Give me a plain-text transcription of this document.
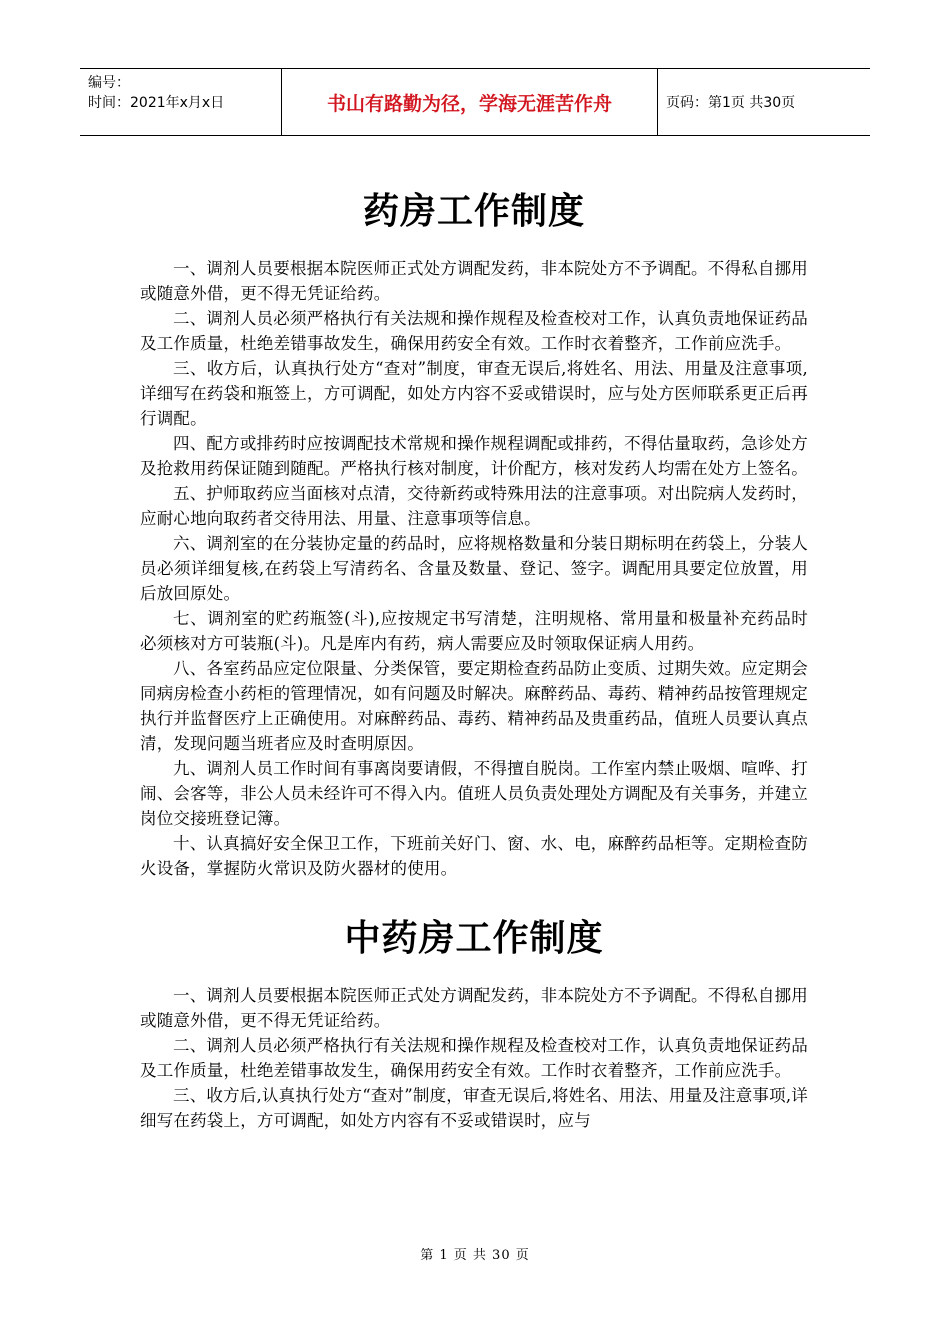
编号：
时间：2021年x月x日	书山有路勤为径，学海无涯苦作舟	页码：第1页 共30页
药房工作制度

一、调剂人员要根据本院医师正式处方调配发药，非本院处方不予调配。不得私自挪用或随意外借，更不得无凭证给药。

二、调剂人员必须严格执行有关法规和操作规程及检查校对工作，认真负责地保证药品及工作质量，杜绝差错事故发生，确保用药安全有效。工作时衣着整齐，工作前应洗手。

三、收方后，认真执行处方“查对”制度，审查无误后,将姓名、用法、用量及注意事项,详细写在药袋和瓶签上，方可调配，如处方内容不妥或错误时，应与处方医师联系更正后再行调配。

四、配方或排药时应按调配技术常规和操作规程调配或排药，不得估量取药，急诊处方及抢救用药保证随到随配。严格执行核对制度，计价配方，核对发药人均需在处方上签名。

五、护师取药应当面核对点清，交待新药或特殊用法的注意事项。对出院病人发药时，应耐心地向取药者交待用法、用量、注意事项等信息。

六、调剂室的在分装协定量的药品时，应将规格数量和分装日期标明在药袋上，分装人员必须详细复核,在药袋上写清药名、含量及数量、登记、签字。调配用具要定位放置，用后放回原处。

七、调剂室的贮药瓶签(斗),应按规定书写清楚，注明规格、常用量和极量补充药品时必须核对方可装瓶(斗)。凡是库内有药，病人需要应及时领取保证病人用药。

八、各室药品应定位限量、分类保管，要定期检查药品防止变质、过期失效。应定期会同病房检查小药柜的管理情况，如有问题及时解决。麻醉药品、毒药、精神药品按管理规定执行并监督医疗上正确使用。对麻醉药品、毒药、精神药品及贵重药品，值班人员要认真点清，发现问题当班者应及时查明原因。

九、调剂人员工作时间有事离岗要请假，不得擅自脱岗。工作室内禁止吸烟、喧哗、打闹、会客等，非公人员未经许可不得入内。值班人员负责处理处方调配及有关事务，并建立岗位交接班登记簿。

十、认真搞好安全保卫工作，下班前关好门、窗、水、电，麻醉药品柜等。定期检查防火设备，掌握防火常识及防火器材的使用。

中药房工作制度

一、调剂人员要根据本院医师正式处方调配发药，非本院处方不予调配。不得私自挪用或随意外借，更不得无凭证给药。

二、调剂人员必须严格执行有关法规和操作规程及检查校对工作，认真负责地保证药品及工作质量，杜绝差错事故发生，确保用药安全有效。工作时衣着整齐，工作前应洗手。

三、收方后,认真执行处方“查对”制度，审查无误后,将姓名、用法、用量及注意事项,详细写在药袋上，方可调配，如处方内容有不妥或错误时，应与

第 1 页 共 30 页
